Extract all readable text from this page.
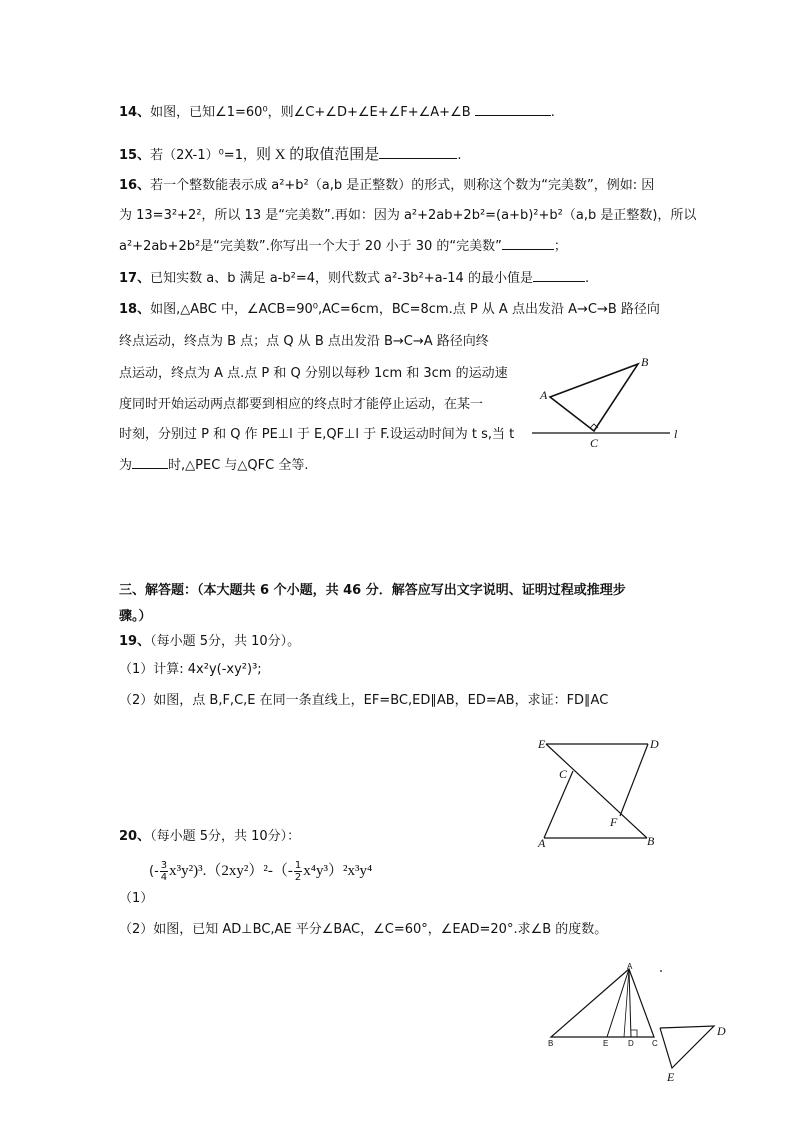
14、如图，已知∠1=60⁰，则∠C+∠D+∠E+∠F+∠A+∠B	.
15、若（2X-1）⁰=1，则 X 的取值范围是	.
16、若一个整数能表示成 a²+b²（a,b 是正整数）的形式，则称这个数为“完美数”，例如: 因
为 13=3²+2²，所以 13 是“完美数”.再如：因为 a²+2ab+2b²=(a+b)²+b²（a,b 是正整数)，所以
a²+2ab+2b²是“完美数”.你写出一个大于 20 小于 30 的“完美数”	；
17、已知实数 a、b 满足 a-b²=4，则代数式 a²-3b²+a-14 的最小值是	.
18、如图,△ABC 中，∠ACB=90⁰,AC=6cm，BC=8cm.点 P 从 A 点出发沿 A→C→B 路径向
终点运动，终点为 B 点；点 Q 从 B 点出发沿 B→C→A 路径向终
点运动，终点为 A 点.点 P 和 Q 分别以每秒 1cm 和 3cm 的运动速
度同时开始运动两点都要到相应的终点时才能停止运动，在某一
时刻，分别过 P 和 Q 作 PE⊥l 于 E,QF⊥l 于 F.设运动时间为 t s,当 t
为	时,△PEC 与△QFC 全等.
A
B
C
l
三、解答题：（本大题共 6 个小题，共 46 分．解答应写出文字说明、证明过程或推理步
骤。）
19、（每小题 5分，共 10分）。
（1）计算: 4x²y(-xy²)³;
（2）如图，点 B,F,C,E 在同一条直线上，EF=BC,ED∥AB，ED=AB，求证：FD∥AC
E	D
C
F
A	B
20、（每小题 5分，共 10分）：
(- $\frac{3}{4} x^3y^2)^3.(2xy^2)^2-(- \frac{1}{2} x^4y^3)^2x^3y^4$
（1）
（2）如图，已知 AD⊥BC,AE 平分∠BAC，∠C=60°，∠EAD=20°.求∠B 的度数。
A
B	E D C
D
E
